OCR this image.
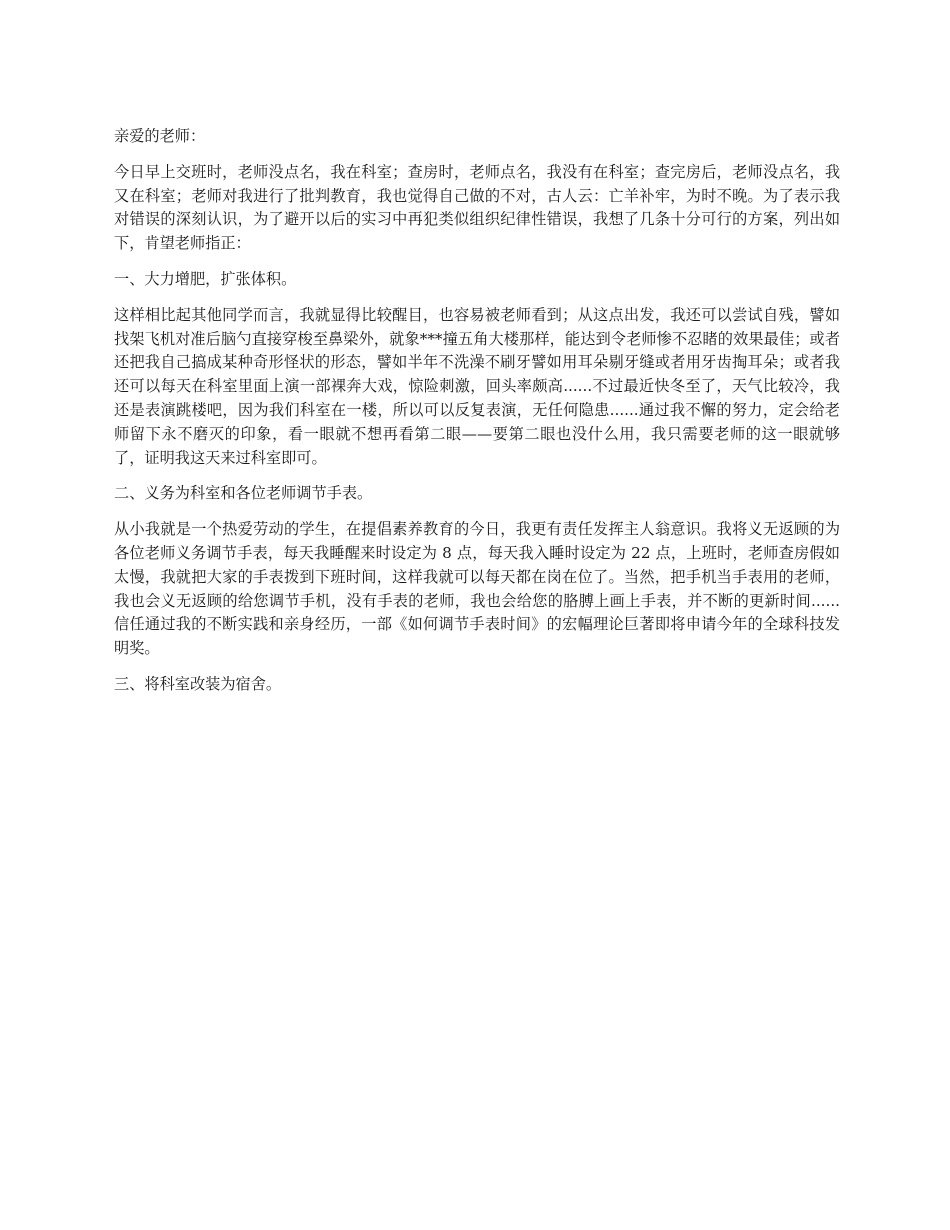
亲爱的老师：

今日早上交班时，老师没点名，我在科室；查房时，老师点名，我没有在科室；查完房后，老师没点名，我又在科室；老师对我进行了批判教育，我也觉得自己做的不对，古人云：亡羊补牢，为时不晚。为了表示我对错误的深刻认识，为了避开以后的实习中再犯类似组织纪律性错误，我想了几条十分可行的方案，列出如下，肯望老师指正：

一、大力增肥，扩张体积。

这样相比起其他同学而言，我就显得比较醒目，也容易被老师看到；从这点出发，我还可以尝试自残，譬如找架飞机对准后脑勺直接穿梭至鼻梁外，就象***撞五角大楼那样，能达到令老师惨不忍睹的效果最佳；或者还把我自己搞成某种奇形怪状的形态，譬如半年不洗澡不刷牙譬如用耳朵剔牙缝或者用牙齿掏耳朵；或者我还可以每天在科室里面上演一部裸奔大戏，惊险刺激，回头率颇高......不过最近快冬至了，天气比较冷，我还是表演跳楼吧，因为我们科室在一楼，所以可以反复表演，无任何隐患......通过我不懈的努力，定会给老师留下永不磨灭的印象，看一眼就不想再看第二眼——要第二眼也没什么用，我只需要老师的这一眼就够了，证明我这天来过科室即可。

二、义务为科室和各位老师调节手表。

从小我就是一个热爱劳动的学生，在提倡素养教育的今日，我更有责任发挥主人翁意识。我将义无返顾的为各位老师义务调节手表，每天我睡醒来时设定为 8 点，每天我入睡时设定为 22 点，上班时，老师查房假如太慢，我就把大家的手表拨到下班时间，这样我就可以每天都在岗在位了。当然，把手机当手表用的老师，我也会义无返顾的给您调节手机，没有手表的老师，我也会给您的胳膊上画上手表，并不断的更新时间......信任通过我的不断实践和亲身经历，一部《如何调节手表时间》的宏幅理论巨著即将申请今年的全球科技发明奖。

三、将科室改装为宿舍。
